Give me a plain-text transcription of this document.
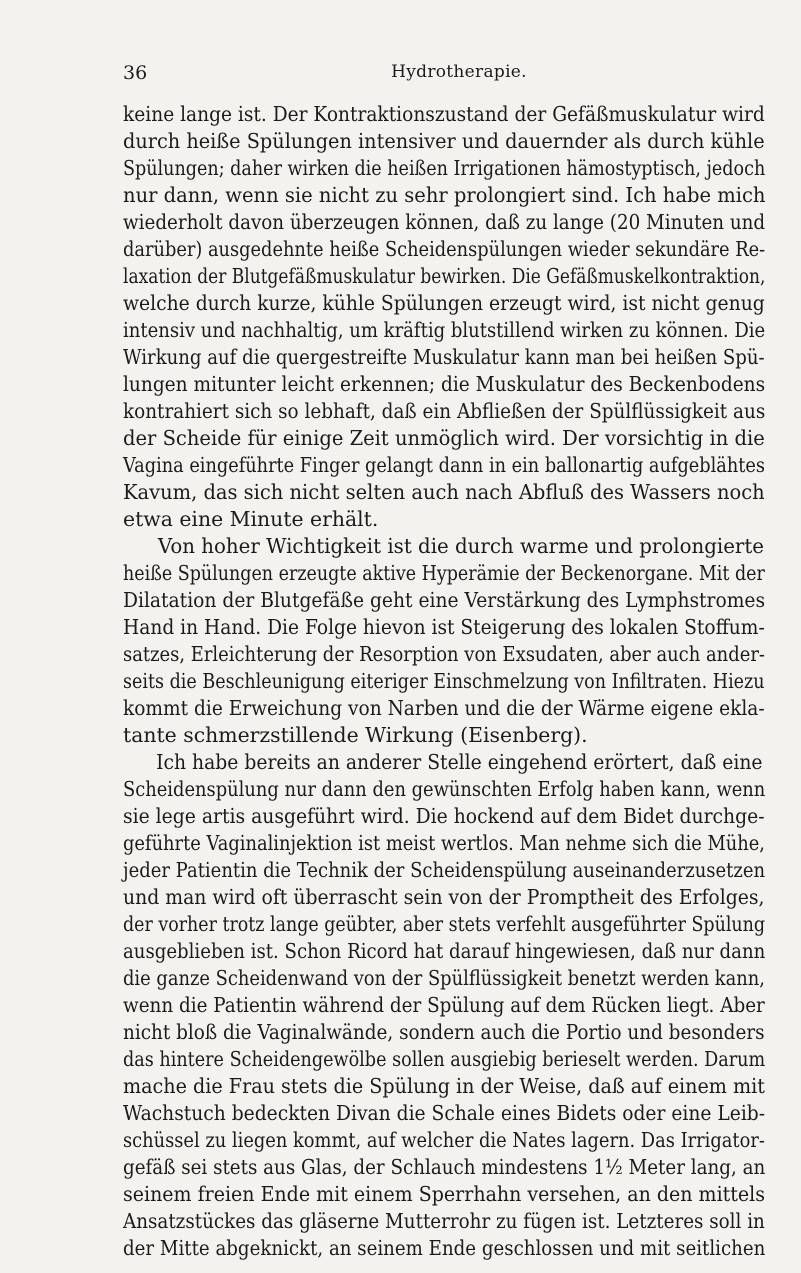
36	Hydrotherapie.
keine lange ist. Der Kontraktionszustand der Gefäßmuskulatur wird
durch heiße Spülungen intensiver und dauernder als durch kühle
Spülungen; daher wirken die heißen Irrigationen hämostyptisch, jedoch
nur dann, wenn sie nicht zu sehr prolongiert sind. Ich habe mich
wiederholt davon überzeugen können, daß zu lange (20 Minuten und
darüber) ausgedehnte heiße Scheidenspülungen wieder sekundäre Re-
laxation der Blutgefäßmuskulatur bewirken. Die Gefäßmuskelkontraktion,
welche durch kurze, kühle Spülungen erzeugt wird, ist nicht genug
intensiv und nachhaltig, um kräftig blutstillend wirken zu können. Die
Wirkung auf die quergestreifte Muskulatur kann man bei heißen Spü-
lungen mitunter leicht erkennen; die Muskulatur des Beckenbodens
kontrahiert sich so lebhaft, daß ein Abfließen der Spülflüssigkeit aus
der Scheide für einige Zeit unmöglich wird. Der vorsichtig in die
Vagina eingeführte Finger gelangt dann in ein ballonartig aufgeblähtes
Kavum, das sich nicht selten auch nach Abfluß des Wassers noch
etwa eine Minute erhält.
Von hoher Wichtigkeit ist die durch warme und prolongierte
heiße Spülungen erzeugte aktive Hyperämie der Beckenorgane. Mit der
Dilatation der Blutgefäße geht eine Verstärkung des Lymphstromes
Hand in Hand. Die Folge hievon ist Steigerung des lokalen Stoffum-
satzes, Erleichterung der Resorption von Exsudaten, aber auch ander-
seits die Beschleunigung eiteriger Einschmelzung von Infiltraten. Hiezu
kommt die Erweichung von Narben und die der Wärme eigene ekla-
tante schmerzstillende Wirkung (Eisenberg).
Ich habe bereits an anderer Stelle eingehend erörtert, daß eine
Scheidenspülung nur dann den gewünschten Erfolg haben kann, wenn
sie lege artis ausgeführt wird. Die hockend auf dem Bidet durchge-
geführte Vaginalinjektion ist meist wertlos. Man nehme sich die Mühe,
jeder Patientin die Technik der Scheidenspülung auseinanderzusetzen
und man wird oft überrascht sein von der Promptheit des Erfolges,
der vorher trotz lange geübter, aber stets verfehlt ausgeführter Spülung
ausgeblieben ist. Schon Ricord hat darauf hingewiesen, daß nur dann
die ganze Scheidenwand von der Spülflüssigkeit benetzt werden kann,
wenn die Patientin während der Spülung auf dem Rücken liegt. Aber
nicht bloß die Vaginalwände, sondern auch die Portio und besonders
das hintere Scheidengewölbe sollen ausgiebig berieselt werden. Darum
mache die Frau stets die Spülung in der Weise, daß auf einem mit
Wachstuch bedeckten Divan die Schale eines Bidets oder eine Leib-
schüssel zu liegen kommt, auf welcher die Nates lagern. Das Irrigator-
gefäß sei stets aus Glas, der Schlauch mindestens 1½ Meter lang, an
seinem freien Ende mit einem Sperrhahn versehen, an den mittels
Ansatzstückes das gläserne Mutterrohr zu fügen ist. Letzteres soll in
der Mitte abgeknickt, an seinem Ende geschlossen und mit seitlichen
